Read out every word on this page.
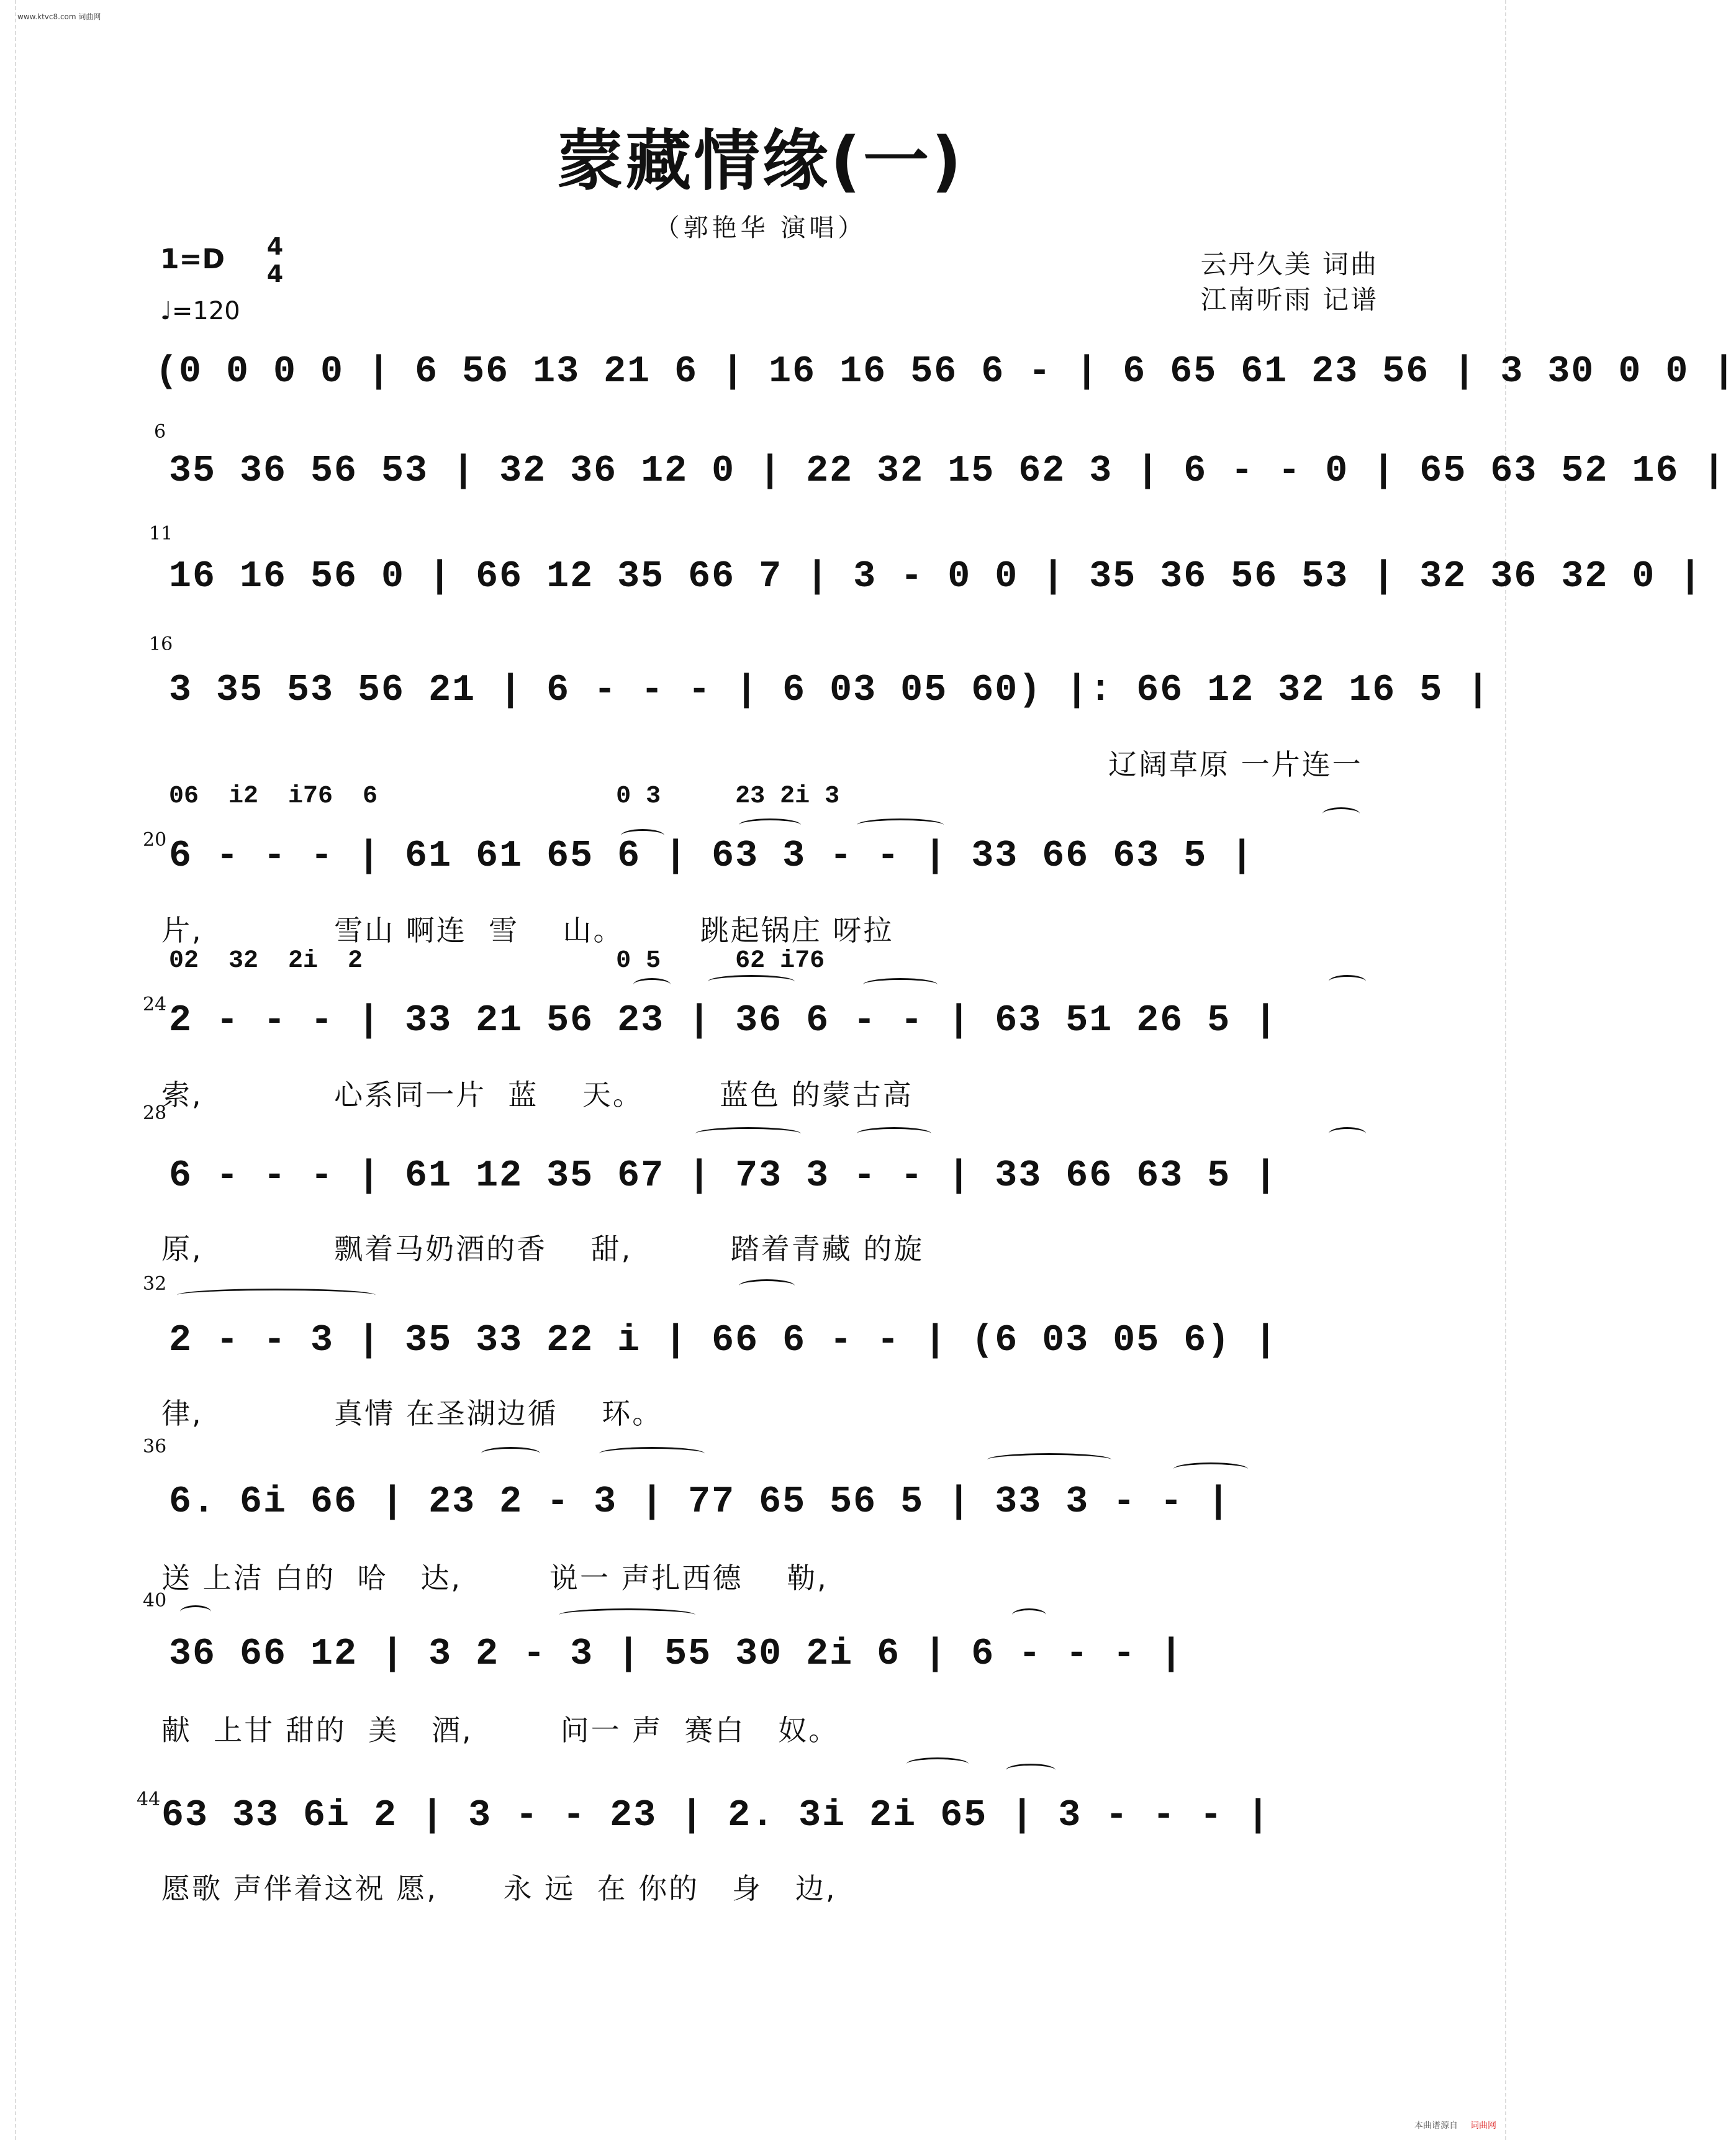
www.ktvc8.com 词曲网
蒙藏情缘(一)
（郭艳华 演唱）
1=D 4
4
♩=120
云丹久美 词曲
江南听雨 记谱
(0 0 0 0 | 6 56 13 21 6 | 16 16 56 6 - | 6 65 61 23 56 | 3 30 0 0 |
6
35 36 56 53 | 32 36 12 0 | 22 32 15 62 3 | 6 - - 0 | 65 63 52 16 |
11
16 16 56 0 | 66 12 35 66 7 | 3 - 0 0 | 35 36 56 53 | 32 36 32 0 |
16
3 35 53 56 21 | 6 - - - | 6 03 05 60) |: 66 12 32 16 5 |
辽阔草原 一片连一
06  i2  i76  6                0 3     23 2i 3
20 6 - - - | 61 61 65 6 | 63 3 - - | 33 66 63 5 |
片,            雪山 啊连  雪    山。       跳起锅庄 呀拉
02  32  2i  2                 0 5     62 i76
24 2 - - - | 33 21 56 23 | 36 6 - - | 63 51 26 5 |
索,            心系同一片  蓝    天。       蓝色 的蒙古高
28
6 - - - | 61 12 35 67 | 73 3 - - | 33 66 63 5 |
原,            飘着马奶酒的香    甜,         踏着青藏 的旋
32
2 - - 3 | 35 33 22 i | 66 6 - - | (6 03 05 6) |
律,            真情 在圣湖边循    环。
36
6. 6i 66 | 23 2 - 3 | 77 65 56 5 | 33 3 - - |
送 上洁 白的  哈   达,        说一 声扎西德    勒,
40
36 66 12 | 3 2 - 3 | 55 30 2i 6 | 6 - - - |
献  上甘 甜的  美   酒,        问一 声  赛白   奴。
44 63 33 6i 2 | 3 - - 23 | 2. 3i 2i 65 | 3 - - - |
愿歌 声伴着这祝 愿,      永 远  在 你的   身   边,
本曲谱源自 词曲网
